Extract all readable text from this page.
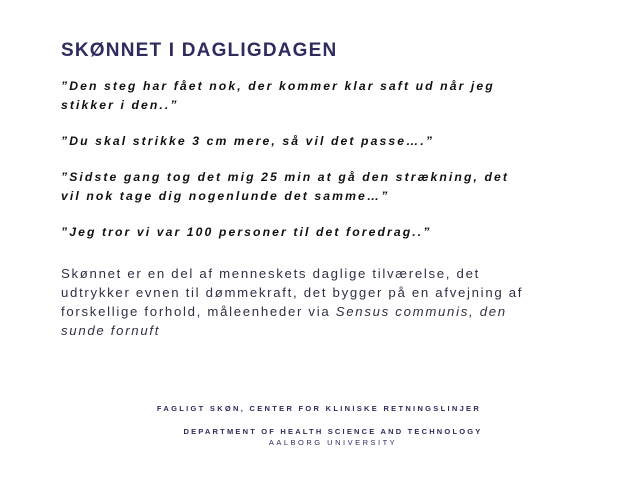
SKØNNET I DAGLIGDAGEN
”Den steg har fået nok, der kommer klar saft ud når jeg
stikker i den..”
”Du skal strikke 3 cm mere, så vil det passe….”
”Sidste gang tog det mig 25 min at gå den strækning, det
vil nok tage dig nogenlunde det samme…”
”Jeg tror vi var 100 personer til det foredrag..”

Skønnet er en del af menneskets daglige tilværelse, det
udtrykker evnen til dømmekraft, det bygger på en afvejning af
forskellige forhold, måleenheder via Sensus communis, den
sunde fornuft

FAGLIGT SKØN, CENTER FOR KLINISKE RETNINGSLINJER
DEPARTMENT OF HEALTH SCIENCE AND TECHNOLOGY
AALBORG UNIVERSITY
